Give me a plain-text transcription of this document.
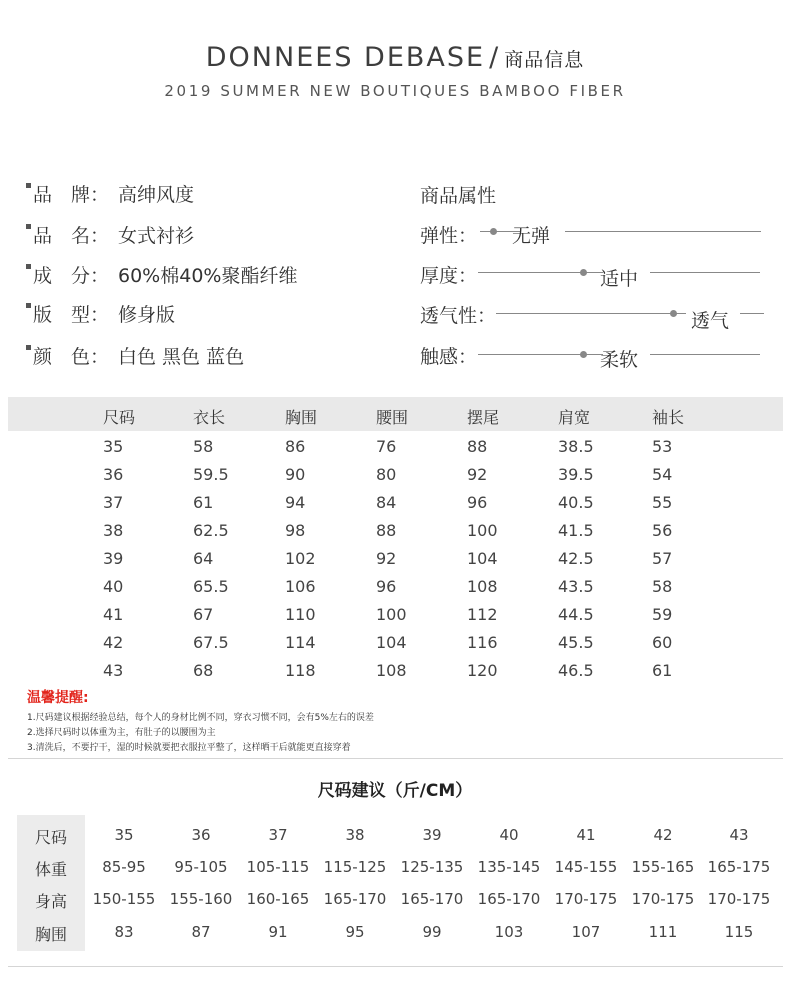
DONNEES DEBASE / 商品信息
2019 SUMMER NEW BOUTIQUES BAMBOO FIBER
品　牌： 高绅风度
品　名： 女式衬衫
成　分： 60%棉40%聚酯纤维
版　型： 修身版
颜　色： 白色 黑色 蓝色
商品属性
弹性： 无弹
厚度：	适中
透气性：	透气
触感：	柔软
尺码	衣长	胸围	腰围	摆尾	肩宽	袖长
35	58	86	76	88	38.5	53
36	59.5	90	80	92	39.5	54
37	61	94	84	96	40.5	55
38	62.5	98	88	100	41.5	56
39	64	102	92	104	42.5	57
40	65.5	106	96	108	43.5	58
41	67	110	100	112	44.5	59
42	67.5	114	104	116	45.5	60
43	68	118	108	120	46.5	61
温馨提醒:
1.尺码建议根据经验总结，每个人的身材比例不同，穿衣习惯不同，会有5%左右的误差
2.选择尺码时以体重为主，有肚子的以腰围为主
3.清洗后，不要拧干，湿的时候就要把衣服拉平整了，这样晒干后就能更直接穿着
尺码建议（斤/CM）
尺码	35	36	37	38	39	40	41	42	43
体重	85-95	95-105	105-115 115-125 125-135 135-145 145-155 155-165 165-175
身高	150-155 155-160 160-165 165-170 165-170 165-170 170-175 170-175 170-175
胸围	83	87	91	95	99	103	107	111	115
